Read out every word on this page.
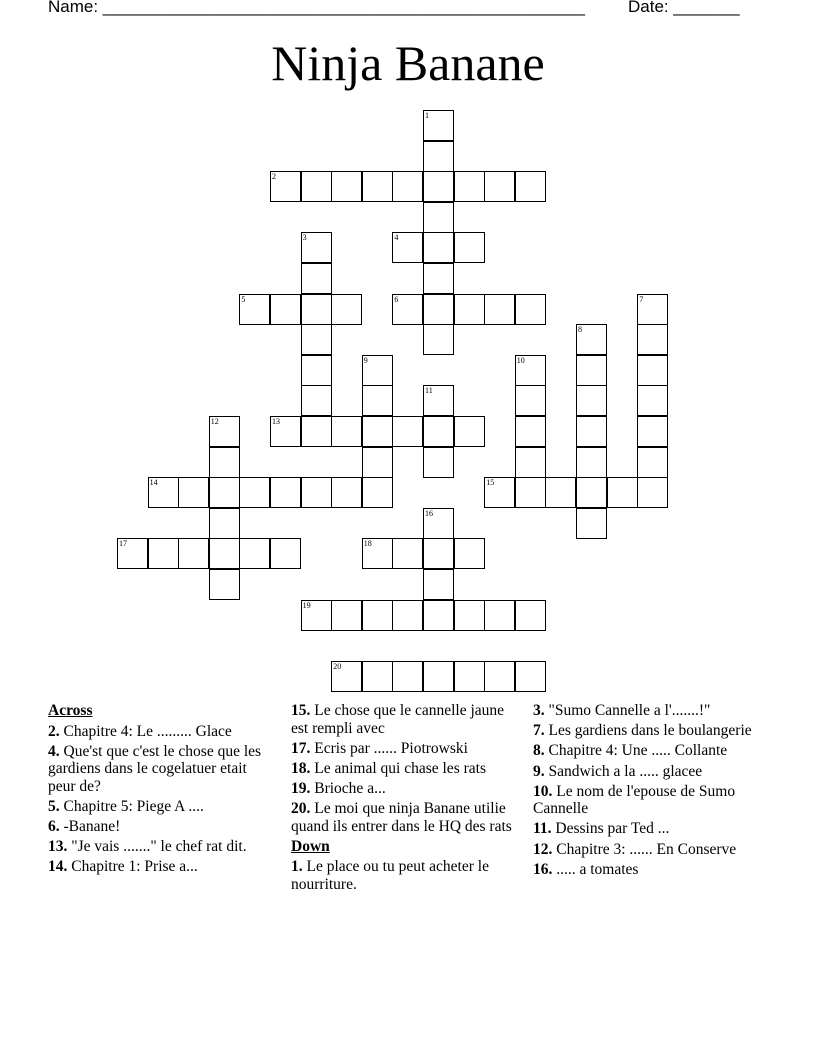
Name: ___________________________________________________	Date: _______
Ninja Banane
1
2
3	4
5	6	7
8
9	10
11
12	13
14	15
16
17	18
19
20
Across
2. Chapitre 4: Le ......... Glace
4. Que'st que c'est le chose que les gardiens dans le cogelatuer etait peur de?
5. Chapitre 5: Piege A ....
6. -Banane!
13. "Je vais ......." le chef rat dit.
14. Chapitre 1: Prise a...
15. Le chose que le cannelle jaune est rempli avec
17. Ecris par ...... Piotrowski
18. Le animal qui chase les rats
19. Brioche a...
20. Le moi que ninja Banane utilie quand ils entrer dans le HQ des rats
Down
1. Le place ou tu peut acheter le nourriture.
3. "Sumo Cannelle a l'.......!"
7. Les gardiens dans le boulangerie
8. Chapitre 4: Une ..... Collante
9. Sandwich a la ..... glacee
10. Le nom de l'epouse de Sumo Cannelle
11. Dessins par Ted ...
12. Chapitre 3: ...... En Conserve
16. ..... a tomates
